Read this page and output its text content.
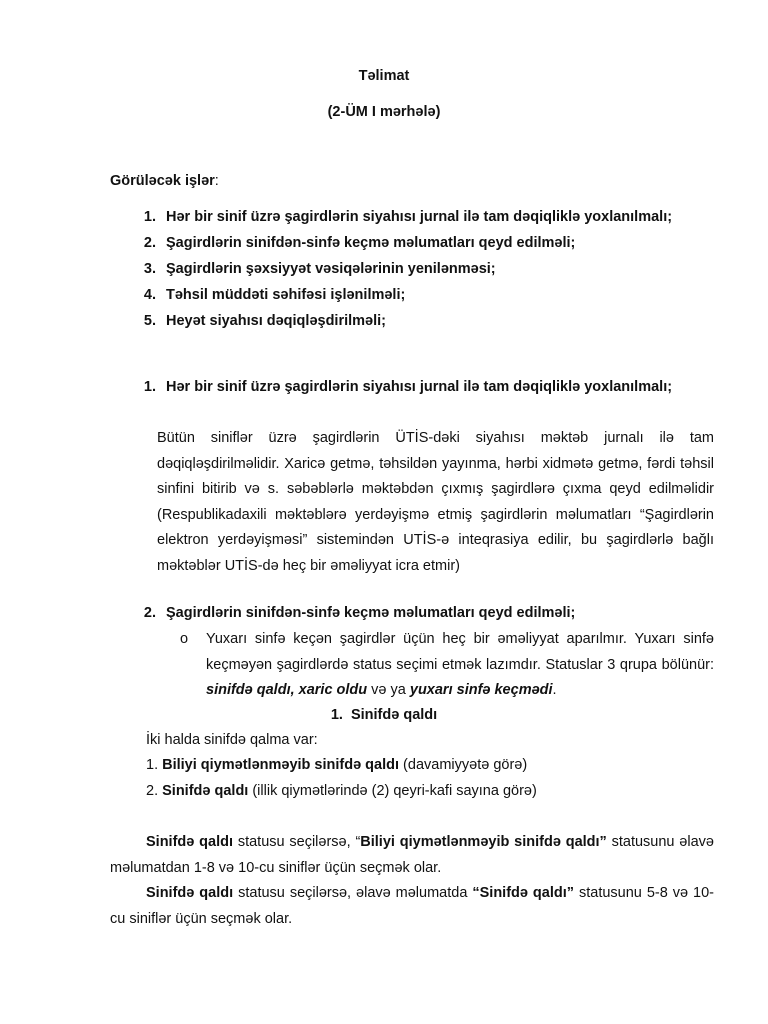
Təlimat
(2-ÜM I mərhələ)
Görüləcək işlər:
1. Hər bir sinif üzrə şagirdlərin siyahısı jurnal ilə tam dəqiqliklə yoxlanılmalı;
2. Şagirdlərin sinifdən-sinfə keçmə məlumatları qeyd edilməli;
3. Şagirdlərin şəxsiyyət vəsiqələrinin yenilənməsi;
4. Təhsil müddəti səhifəsi işlənilməli;
5. Heyət siyahısı dəqiqləşdirilməli;
1. Hər bir sinif üzrə şagirdlərin siyahısı jurnal ilə tam dəqiqliklə yoxlanılmalı;
Bütün siniflər üzrə şagirdlərin ÜTİS-dəki siyahısı məktəb jurnalı ilə tam dəqiqləşdirilməlidir. Xaricə getmə, təhsildən yayınma, hərbi xidmətə getmə, fərdi təhsil sinfini bitirib və s. səbəblərlə məktəbdən çıxmış şagirdlərə çıxma qeyd edilməlidir (Respublikadaxili məktəblərə yerdəyişmə etmiş şagirdlərin məlumatları “Şagirdlərin elektron yerdəyişməsi” sistemindən UTİS-ə inteqrasiya edilir, bu şagirdlərlə bağlı məktəblər UTİS-də heç bir əməliyyat icra etmir)
2. Şagirdlərin sinifdən-sinfə keçmə məlumatları qeyd edilməli;
o	Yuxarı sinfə keçən şagirdlər üçün heç bir əməliyyat aparılmır. Yuxarı sinfə keçməyən şagirdlərdə status seçimi etmək lazımdır. Statuslar 3 qrupa bölünür: sinifdə qaldı, xaric oldu və ya yuxarı sinfə keçmədi.
1. Sinifdə qaldı
İki halda sinifdə qalma var:
1. Biliyi qiymətlənməyib sinifdə qaldı (davamiyyətə görə)
2. Sinifdə qaldı (illik qiymətlərində (2) qeyri-kafi sayına görə)
Sinifdə qaldı statusu seçilərsə, “Biliyi qiymətlənməyib sinifdə qaldı” statusunu əlavə məlumatdan 1-8 və 10-cu siniflər üçün seçmək olar.
Sinifdə qaldı statusu seçilərsə, əlavə məlumatda “Sinifdə qaldı” statusunu 5-8 və 10-cu siniflər üçün seçmək olar.
